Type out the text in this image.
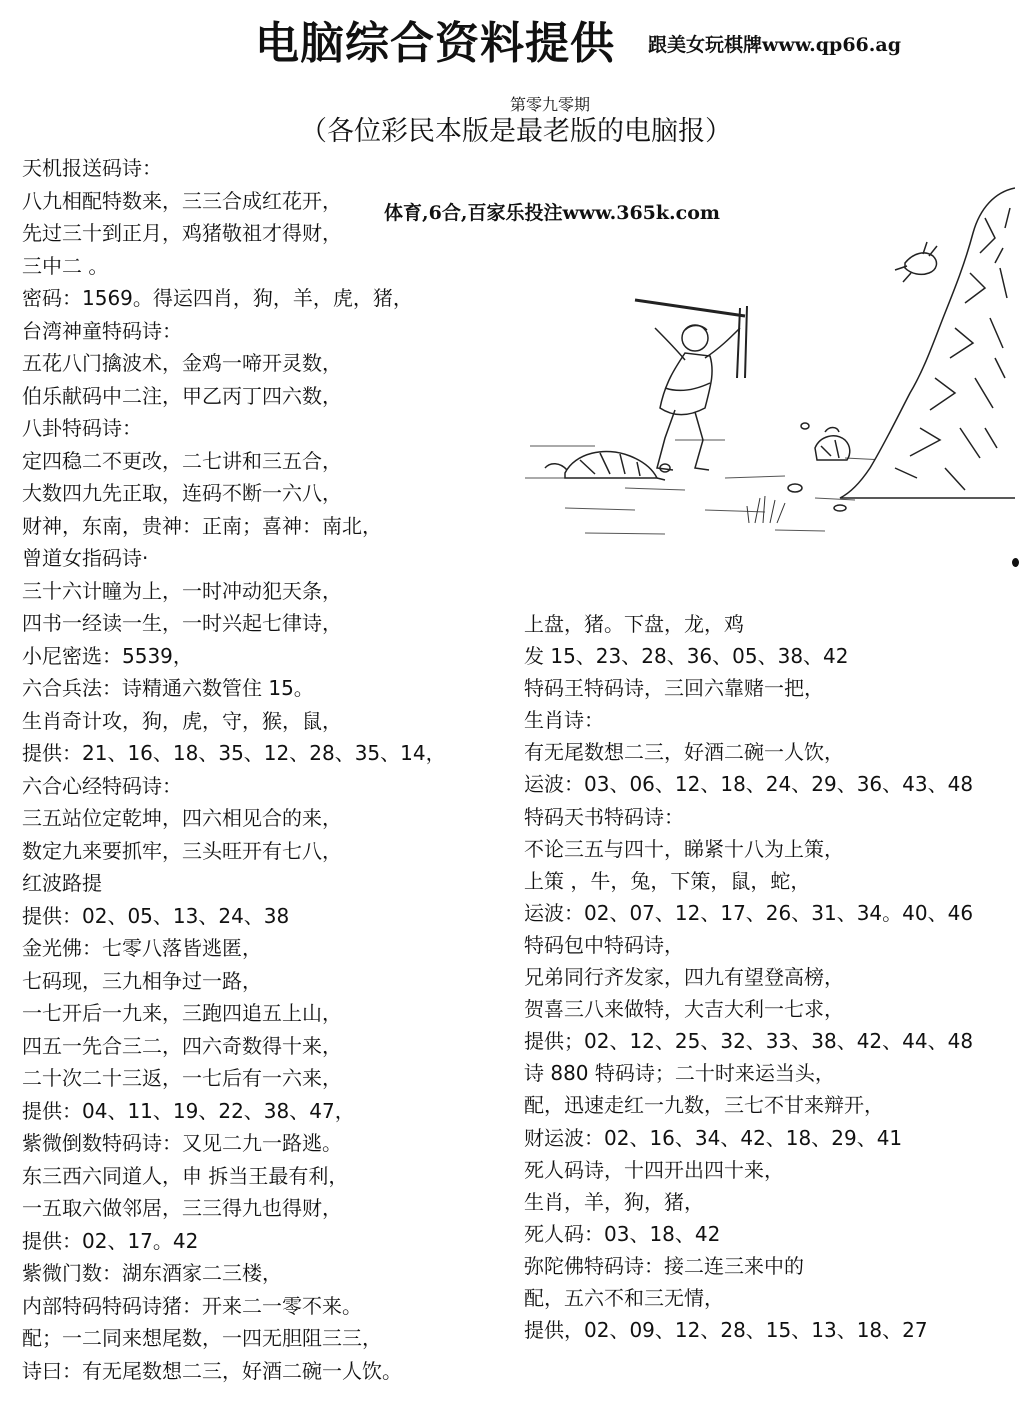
电脑综合资料提供 跟美女玩棋牌www.qp66.ag
第零九零期
（各位彩民本版是最老版的电脑报）
体育,6合,百家乐投注www.365k.com
天机报送码诗：
八九相配特数来，三三合成红花开，
先过三十到正月，鸡猪敬祖才得财，
三中二 。
密码：1569。得运四肖，狗，羊，虎，猪，
台湾神童特码诗：
五花八门擒波术，金鸡一啼开灵数，
伯乐献码中二注，甲乙丙丁四六数，
八卦特码诗：
定四稳二不更改，二七讲和三五合，
大数四九先正取，连码不断一六八，
财神，东南，贵神：正南；喜神：南北，
曾道女指码诗·
三十六计瞳为上，一时冲动犯天条，
四书一经读一生，一时兴起七律诗，
小尼密选：5539，
六合兵法：诗精通六数管住 15。
生肖奇计攻，狗，虎，守，猴，鼠，
提供：21、16、18、35、12、28、35、14，
六合心经特码诗：
三五站位定乾坤，四六相见合的来，
数定九来要抓牢，三头旺开有七八，
红波路提
提供：02、05、13、24、38
金光佛：七零八落皆逃匿，
七码现，三九相争过一路，
一七开后一九来，三跑四追五上山，
四五一先合三二，四六奇数得十来，
二十次二十三返，一七后有一六来，
提供：04、11、19、22、38、47，
紫微倒数特码诗：又见二九一路逃。
东三西六同道人，申 拆当王最有利，
一五取六做邻居，三三得九也得财，
提供：02、17。42
紫微门数：湖东酒家二三楼，
内部特码特码诗猪：开来二一零不来。
配；一二同来想尾数，一四无胆阻三三，
诗曰：有无尾数想二三，好酒二碗一人饮。
上盘，猪。下盘，龙，鸡
发 15、23、28、36、05、38、42
特码王特码诗，三回六靠赌一把，
生肖诗：
有无尾数想二三，好酒二碗一人饮，
运波：03、06、12、18、24、29、36、43、48
特码天书特码诗：
不论三五与四十，睇紧十八为上策，
上策 ，牛，兔，下策，鼠，蛇，
运波：02、07、12、17、26、31、34。40、46
特码包中特码诗，
兄弟同行齐发家，四九有望登高榜，
贺喜三八来做特，大吉大利一七求，
提供；02、12、25、32、33、38、42、44、48
诗 880 特码诗；二十时来运当头，
配，迅速走红一九数，三七不甘来辩开，
财运波：02、16、34、42、18、29、41
死人码诗，十四开出四十来，
生肖，羊，狗，猪，
死人码：03、18、42
弥陀佛特码诗：接二连三来中的
配，五六不和三无情，
提供，02、09、12、28、15、13、18、27
